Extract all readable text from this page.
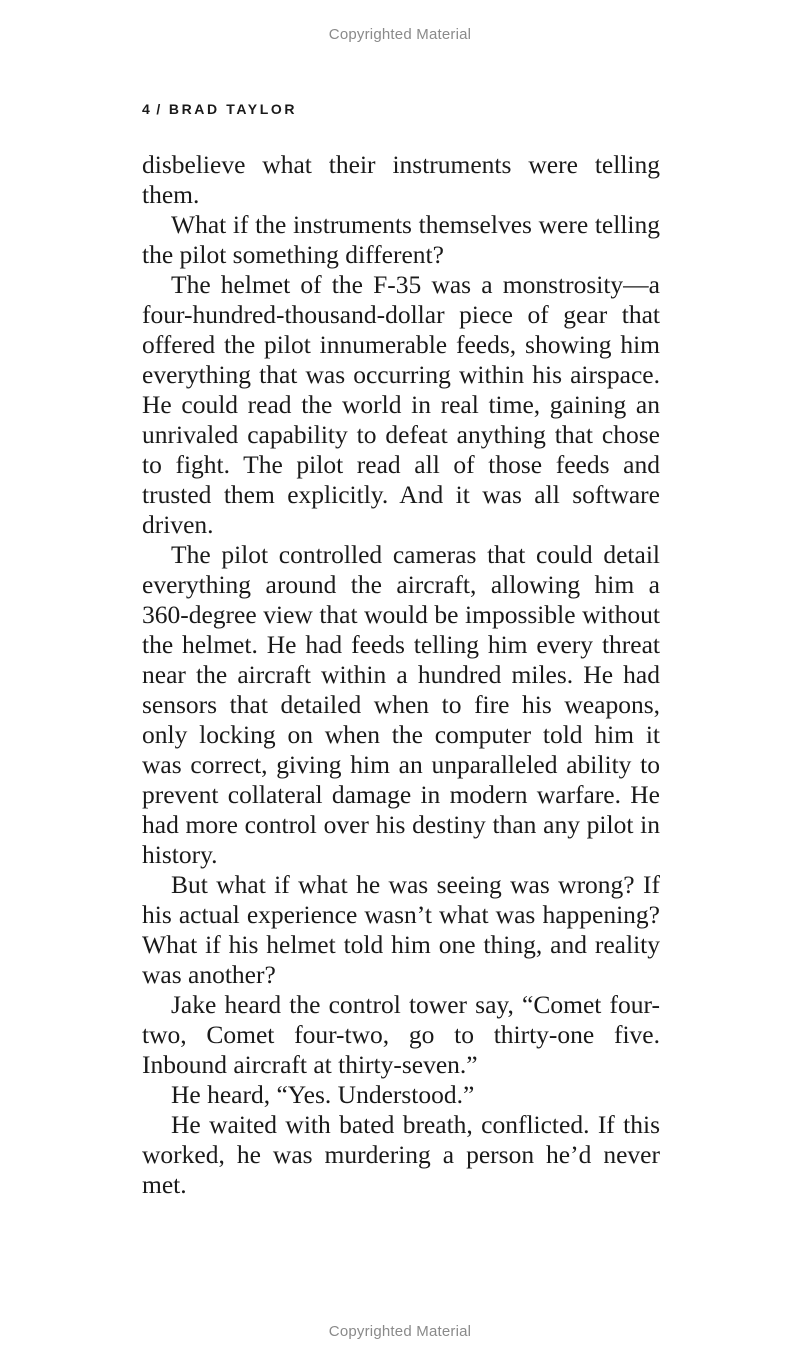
Copyrighted Material
4 / BRAD TAYLOR

disbelieve what their instruments were telling them.

What if the instruments themselves were telling the pilot something different?

The helmet of the F-35 was a monstrosity—a four-hundred-thousand-dollar piece of gear that offered the pilot innumerable feeds, showing him everything that was occurring within his airspace. He could read the world in real time, gaining an unrivaled capability to defeat anything that chose to fight. The pilot read all of those feeds and trusted them explicitly. And it was all software driven.

The pilot controlled cameras that could detail everything around the aircraft, allowing him a 360-degree view that would be impossible without the helmet. He had feeds telling him every threat near the aircraft within a hundred miles. He had sensors that detailed when to fire his weapons, only locking on when the computer told him it was correct, giving him an unparalleled ability to prevent collateral damage in modern warfare. He had more control over his destiny than any pilot in history.

But what if what he was seeing was wrong? If his actual experience wasn’t what was happening? What if his helmet told him one thing, and reality was another?

Jake heard the control tower say, “Comet four-two, Comet four-two, go to thirty-one five. Inbound aircraft at thirty-seven.”

He heard, “Yes. Understood.”

He waited with bated breath, conflicted. If this worked, he was murdering a person he’d never met.

Copyrighted Material
